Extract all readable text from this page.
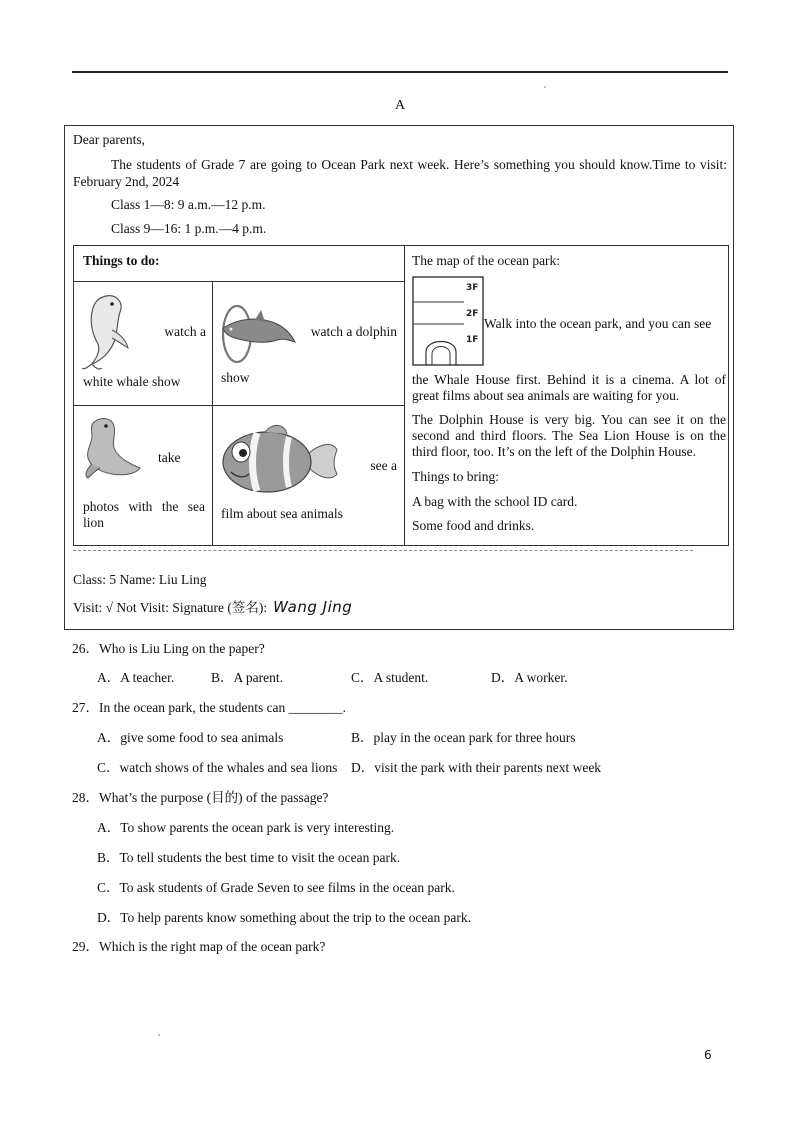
A
Dear parents,
The students of Grade 7 are going to Ocean Park next week. Here’s something you should know.Time to visit: February 2nd, 2024
Class 1—8: 9 a.m.—12 p.m.
Class 9—16: 1 p.m.—4 p.m.
Things to do:
watch a
white whale show
watch a dolphin
show
take
photos with the sea lion
see a
film about sea animals
The map of the ocean park:
3F
2F
1F
Walk into the ocean park, and you can see
the Whale House first. Behind it is a cinema. A lot of great films about sea animals are waiting for you.
The Dolphin House is very big. You can see it on the second and third floors. The Sea Lion House is on the third floor, too. It’s on the left of the Dolphin House.
Things to bring:
A bag with the school ID card.
Some food and drinks.
Class: 5 Name: Liu Ling
Visit: √ Not Visit: Signature (签名): Wang Jing
26．Who is Liu Ling on the paper?
A．A teacher.	B．A parent.	C．A student.	D．A worker.
27．In the ocean park, the students can ________.
A．give some food to sea animals	B．play in the ocean park for three hours
C．watch shows of the whales and sea lions D．visit the park with their parents next week
28．What’s the purpose (目的) of the passage?
A．To show parents the ocean park is very interesting.
B．To tell students the best time to visit the ocean park.
C．To ask students of Grade Seven to see films in the ocean park.
D．To help parents know something about the trip to the ocean park.
29．Which is the right map of the ocean park?
6
